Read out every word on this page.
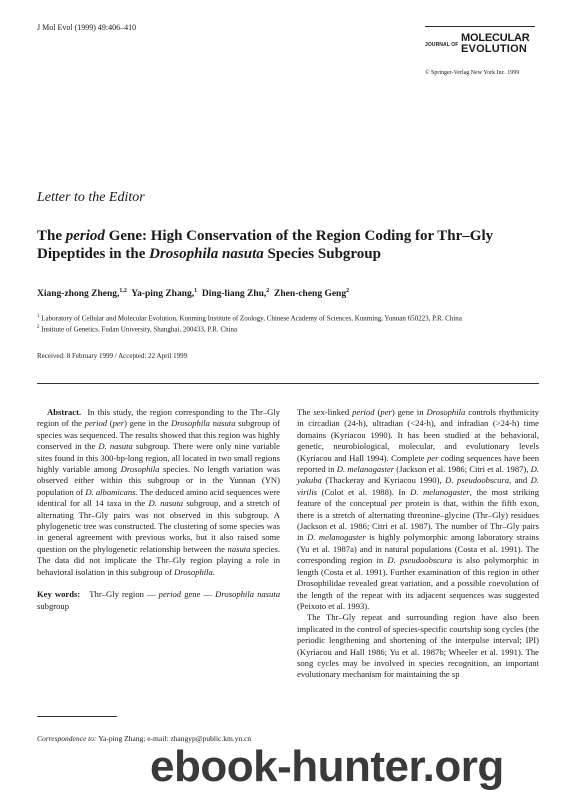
J Mol Evol (1999) 49:406–410
JOURNAL OF
MOLECULAR
EVOLUTION
© Springer-Verlag New York Inc. 1999
Letter to the Editor
The period Gene: High Conservation of the Region Coding for Thr–Gly Dipeptides in the Drosophila nasuta Species Subgroup
Xiang-zhong Zheng,$^{1,2}$ Ya-ping Zhang,$^1$ Ding-liang Zhu,$^2$ Zhen-cheng Geng$^2$
$^1$ Laboratory of Cellular and Molecular Evolution, Kunming Institute of Zoology, Chinese Academy of Sciences, Kunming, Yunnan 650223, P.R. China
$^2$ Institute of Genetics, Fudan University, Shanghai, 200433, P.R. China
Received: 8 February 1999 / Accepted: 22 April 1999

Abstract. In this study, the region corresponding to the Thr–Gly region of the period (per) gene in the Drosophila nasuta subgroup of species was sequenced. The results showed that this region was highly conserved in the D. nasuta subgroup. There were only nine variable sites found in this 300-bp-long region, all located in two small regions highly variable among Drosophila species. No length variation was observed either within this subgroup or in the Yunnan (YN) population of D. albomicans. The deduced amino acid sequences were identical for all 14 taxa in the D. nasuta subgroup, and a stretch of alternating Thr–Gly pairs was not observed in this subgroup. A phylogenetic tree was constructed. The clustering of some species was in general agreement with previous works, but it also raised some question on the phylogenetic relationship between the nasuta species. The data did not implicate the Thr–Gly region playing a role in behavioral isolation in this subgroup of Drosophila.

Key words: Thr–Gly region — period gene — Drosophila nasuta subgroup

The sex-linked period (per) gene in Drosophila controls rhythmicity in circadian (24-h), ultradian (<24-h), and infradian (>24-h) time domains (Kyriacou 1990). It has been studied at the behavioral, genetic, neurobiological, molecular, and evolutionary levels (Kyriacou and Hall 1994). Complete per coding sequences have been reported in D. melanogaster (Jackson et al. 1986; Citri et al. 1987), D. yakuba (Thackeray and Kyriacou 1990), D. pseudoobscura, and D. virilis (Colot et al. 1988). In D. melanogaster, the most striking feature of the conceptual per protein is that, within the fifth exon, there is a stretch of alternating threonine–glycine (Thr–Gly) residues (Jackson et al. 1986; Citri et al. 1987). The number of Thr–Gly pairs in D. melanogaster is highly polymorphic among laboratory strains (Yu et al. 1987a) and in natural populations (Costa et al. 1991). The corresponding region in D. pseudoobscura is also polymorphic in length (Costa et al. 1991). Further examination of this region in other Drosophilidae revealed great variation, and a possible coevolution of the length of the repeat with its adjacent sequences was suggested (Peixoto et al. 1993).

The Thr–Gly repeat and surrounding region have also been implicated in the control of species-specific courtship song cycles (the periodic lengthening and shortening of the interpulse interval; IPI) (Kyriacou and Hall 1986; Yu et al. 1987b; Wheeler et al. 1991). The song cycles may be involved in species recognition, an important evolutionary mechanism for maintaining the sp

Correspondence to: Ya-ping Zhang; e-mail: zhangyp@public.km.yn.cn
ebook-hunter.org
